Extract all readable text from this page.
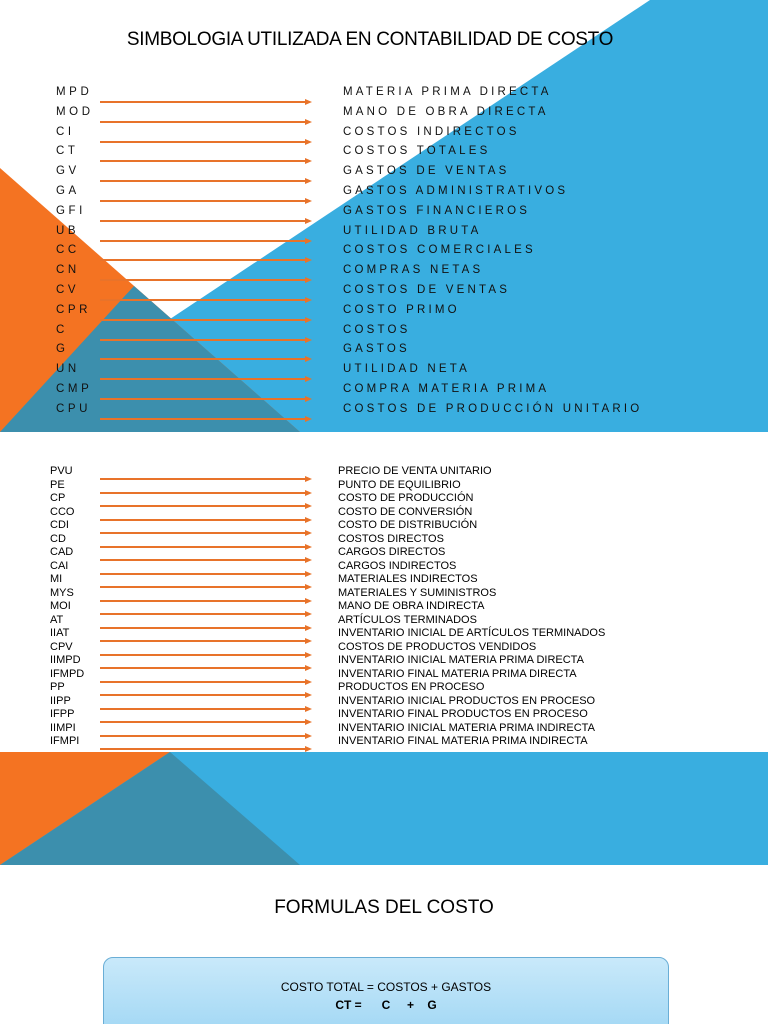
SIMBOLOGIA UTILIZADA EN CONTABILIDAD DE COSTO
MPD	MATERIA PRIMA DIRECTA
MOD	MANO DE OBRA DIRECTA
CI	COSTOS INDIRECTOS
CT	COSTOS TOTALES
GV	GASTOS DE VENTAS
GA	GASTOS ADMINISTRATIVOS
GFI	GASTOS FINANCIEROS
UB	UTILIDAD BRUTA
CC	COSTOS COMERCIALES
CN	COMPRAS NETAS
CV	COSTOS DE VENTAS
CPR	COSTO PRIMO
C	COSTOS
G	GASTOS
UN	UTILIDAD NETA
CMP	COMPRA MATERIA PRIMA
CPU	COSTOS DE PRODUCCIÓN UNITARIO
PVU	PRECIO DE VENTA UNITARIO
PE	PUNTO DE EQUILIBRIO
CP	COSTO DE PRODUCCIÓN
CCO	COSTO DE CONVERSIÓN
CDI	COSTO DE DISTRIBUCIÓN
CD	COSTOS DIRECTOS
CAD	CARGOS DIRECTOS
CAI	CARGOS INDIRECTOS
MI	MATERIALES INDIRECTOS
MYS	MATERIALES Y SUMINISTROS
MOI	MANO DE OBRA INDIRECTA
AT	ARTÍCULOS TERMINADOS
IIAT	INVENTARIO INICIAL DE ARTÍCULOS TERMINADOS
CPV	COSTOS DE PRODUCTOS VENDIDOS
IIMPD	INVENTARIO INICIAL MATERIA PRIMA DIRECTA
IFMPD	INVENTARIO FINAL MATERIA PRIMA DIRECTA
PP	PRODUCTOS EN PROCESO
IIPP	INVENTARIO INICIAL PRODUCTOS EN PROCESO
IFPP	INVENTARIO FINAL PRODUCTOS EN PROCESO
IIMPI	INVENTARIO INICIAL MATERIA PRIMA INDIRECTA
IFMPI	INVENTARIO FINAL MATERIA PRIMA INDIRECTA
FORMULAS DEL COSTO
COSTO TOTAL = COSTOS + GASTOS
CT =      C     +    G
